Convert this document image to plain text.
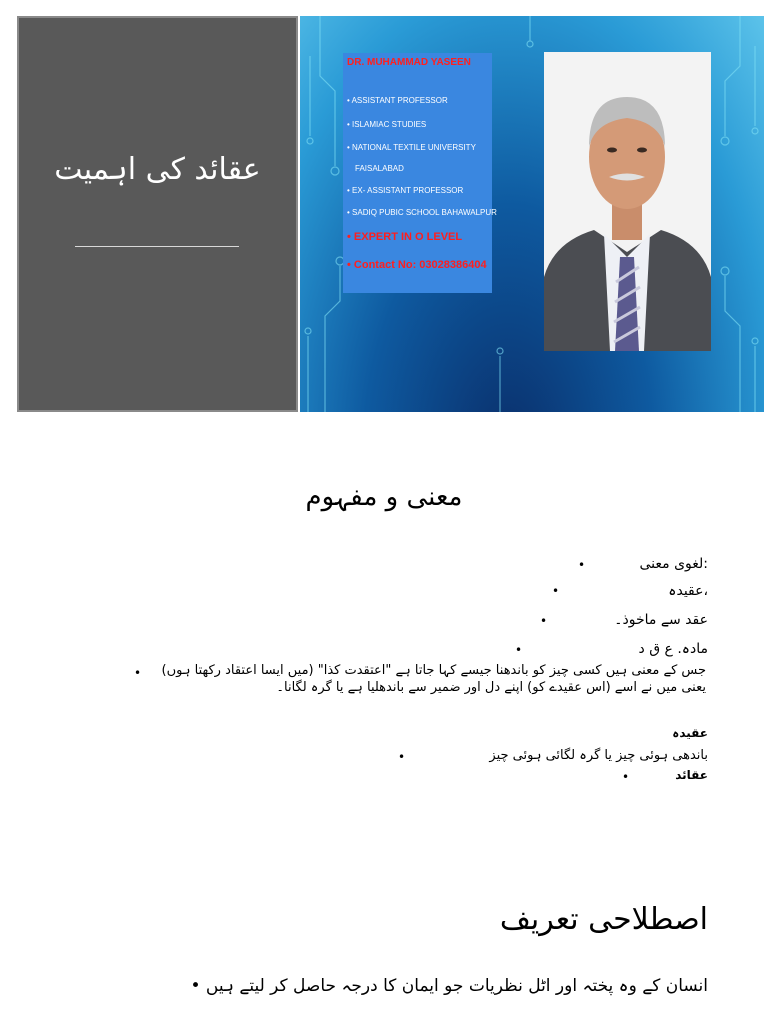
عقائد کی اہمیت
DR. MUHAMMAD YASEEN
• ASSISTANT PROFESSOR
• ISLAMIAC STUDIES
• NATIONAL TEXTILE UNIVERSITY
FAISALABAD
• EX- ASSISTANT PROFESSOR
• SADIQ PUBIC SCHOOL BAHAWALPUR
• EXPERT IN O LEVEL
• Contact No: 03028386404
معنی و مفہوم
•	:لغوی معنی
•	،عقیدہ
•	عقد سے ماخوذ۔
•	مادہ. ع ق د
•	جس کے معنی ہیں کسی چیز کو باندھنا جیسے کہا جاتا ہے "اعتقدت کذا" (میں ایسا اعتقاد رکھتا ہوں) یعنی میں نے اسے (اس عقیدے کو) اپنے دل اور ضمیر سے باندھلیا ہے یا گرہ لگانا۔
عقیدہ
•	باندھی ہوئی چیز یا گرہ لگائی ہوئی چیز
•	عقائد
اصطلاحی تعریف
انسان کے وہ پختہ اور اٹل نظریات جو ایمان کا درجہ حاصل کر لیتے ہیں •
